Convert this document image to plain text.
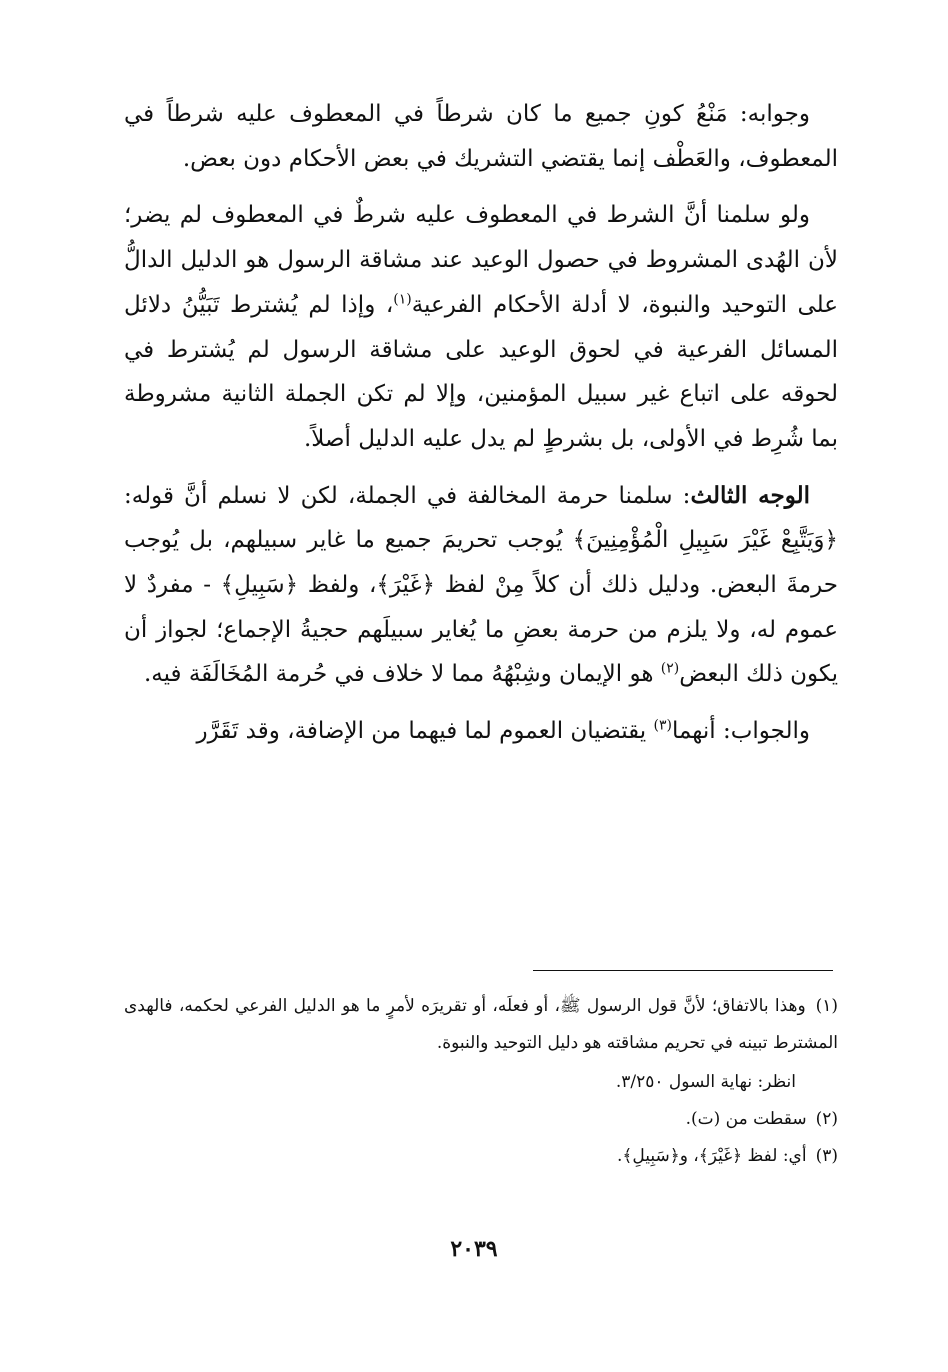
وجوابه: مَنْعُ كونِ جميع ما كان شرطاً في المعطوف عليه شرطاً في المعطوف، والعَطْف إنما يقتضي التشريك في بعض الأحكام دون بعض.

ولو سلمنا أنَّ الشرط في المعطوف عليه شرطٌ في المعطوف لم يضر؛ لأن الهُدى المشروط في حصول الوعيد عند مشاقة الرسول هو الدليل الدالُّ على التوحيد والنبوة، لا أدلة الأحكام الفرعية$^{(١)}$، وإذا لم يُشترط تَبَيُّنُ دلائل المسائل الفرعية في لحوق الوعيد على مشاقة الرسول لم يُشترط في لحوقه على اتباع غير سبيل المؤمنين، وإلا لم تكن الجملة الثانية مشروطة بما شُرِط في الأولى، بل بشرطٍ لم يدل عليه الدليل أصلاً.

الوجه الثالث: سلمنا حرمة المخالفة في الجملة، لكن لا نسلم أنَّ قوله: ﴿وَيَتَّبِعْ غَيْرَ سَبِيلِ الْمُؤْمِنِينَ﴾ يُوجب تحريمَ جميع ما غاير سبيلهم، بل يُوجب حرمةَ البعض. ودليل ذلك أن كلاً مِنْ لفظ ﴿غَيْرَ﴾، ولفظ ﴿سَبِيلِ﴾ - مفردٌ لا عموم له، ولا يلزم من حرمة بعضِ ما يُغاير سبيلَهم حجيةُ الإجماع؛ لجواز أن يكون ذلك البعض$^{(٢)}$ هو الإيمان وشِبْهُهُ مما لا خلاف في حُرمة المُخَالَفَة فيه.

والجواب: أنهما$^{(٣)}$ يقتضيان العموم لما فيهما من الإضافة، وقد تَقَرَّر

(١) وهذا بالاتفاق؛ لأنَّ قول الرسول ﷺ، أو فعلَه، أو تقريرَه لأمرٍ ما هو الدليل الفرعي لحكمه، فالهدى المشترط تبينه في تحريم مشاقته هو دليل التوحيد والنبوة.

انظر: نهاية السول ٣/٢٥٠.

(٢) سقطت من (ت).

(٣) أي: لفظ ﴿غَيْرَ﴾، و﴿سَبِيلِ﴾.

٢٠٣٩
